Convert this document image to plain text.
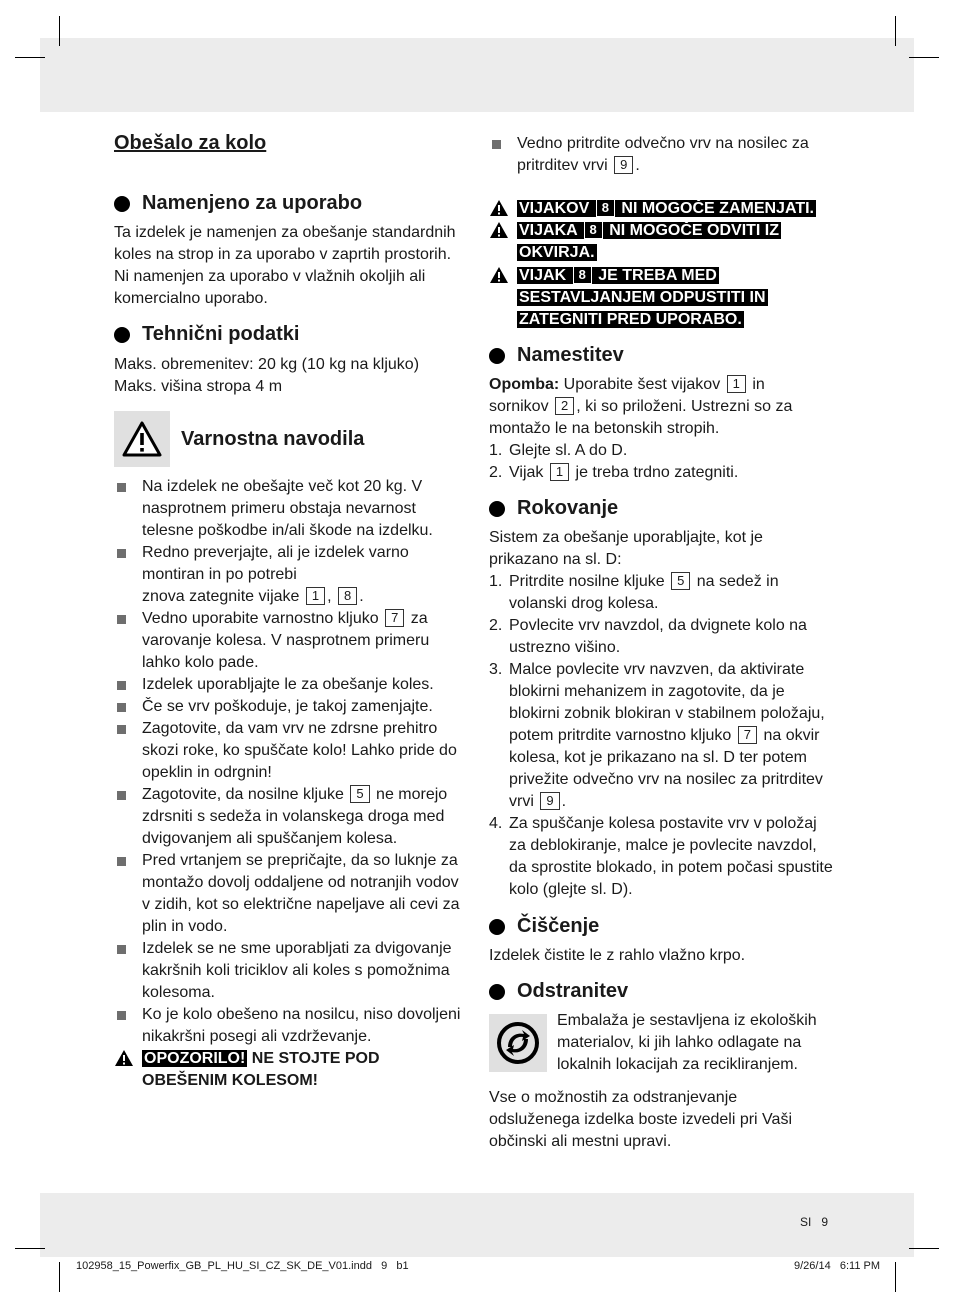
Obešalo za kolo
Namenjeno za uporabo
Ta izdelek je namenjen za obešanje standardnih koles na strop in za uporabo v zaprtih prostorih. Ni namenjen za uporabo v vlažnih okoljih ali komercialno uporabo.
Tehnični podatki
Maks. obremenitev: 20 kg (10 kg na kljuko)
Maks. višina stropa 4 m
Varnostna navodila
Na izdelek ne obešajte več kot 20 kg. V nasprotnem primeru obstaja nevarnost telesne poškodbe in/ali škode na izdelku.
Redno preverjajte, ali je izdelek varno montiran in po potrebi
znova zategnite vijake 1 , 8 .
Vedno uporabite varnostno kljuko 7 za varovanje kolesa. V nasprotnem primeru lahko kolo pade.
Izdelek uporabljajte le za obešanje koles.
Če se vrv poškoduje, je takoj zamenjajte.
Zagotovite, da vam vrv ne zdrsne prehitro skozi roke, ko spuščate kolo! Lahko pride do opeklin in odrgnin!
Zagotovite, da nosilne kljuke 5 ne morejo zdrsniti s sedeža in volanskega droga med dvigovanjem ali spuščanjem kolesa.
Pred vrtanjem se prepričajte, da so luknje za montažo dovolj oddaljene od notranjih vodov v zidih, kot so električne napeljave ali cevi za plin in vodo.
Izdelek se ne sme uporabljati za dvigovanje kakršnih koli triciklov ali koles s pomožnima kolesoma.
Ko je kolo obešeno na nosilcu, niso dovoljeni nikakršni posegi ali vzdrževanje.
OPOZORILO! NE STOJTE POD OBEŠENIM KOLESOM!
Vedno pritrdite odvečno vrv na nosilec za pritrditev vrvi 9 .
VIJAKOV 8 NI MOGOČE ZAMENJATI.
VIJAKA 8 NI MOGOČE ODVITI IZ OKVIRJA.
VIJAK 8 JE TREBA MED SESTAVLJANJEM ODPUSTITI IN ZATEGNITI PRED UPORABO.
Namestitev
Opomba: Uporabite šest vijakov 1 in sornikov 2 , ki so priloženi. Ustrezni so za montažo le na betonskih stropih.
1. Glejte sl. A do D.
2. Vijak 1 je treba trdno zategniti.
Rokovanje
Sistem za obešanje uporabljajte, kot je prikazano na sl. D:
1. Pritrdite nosilne kljuke 5 na sedež in volanski drog kolesa.
2. Povlecite vrv navzdol, da dvignete kolo na ustrezno višino.
3. Malce povlecite vrv navzven, da aktivirate blokirni mehanizem in zagotovite, da je blokirni zobnik blokiran v stabilnem položaju, potem pritrdite varnostno kljuko 7 na okvir kolesa, kot je prikazano na sl. D ter potem privežite odvečno vrv na nosilec za pritrditev vrvi 9 .
4. Za spuščanje kolesa postavite vrv v položaj za deblokiranje, malce je povlecite navzdol, da sprostite blokado, in potem počasi spustite kolo (glejte sl. D).
Čiščenje
Izdelek čistite le z rahlo vlažno krpo.
Odstranitev
Embalaža je sestavljena iz ekoloških materialov, ki jih lahko odlagate na lokalnih lokacijah za recikliranjem.
Vse o možnostih za odstranjevanje odsluženega izdelka boste izvedeli pri Vaši občinski ali mestni upravi.
SI 9
102958_15_Powerfix_GB_PL_HU_SI_CZ_SK_DE_V01.indd   9   b1	9/26/14   6:11 PM
